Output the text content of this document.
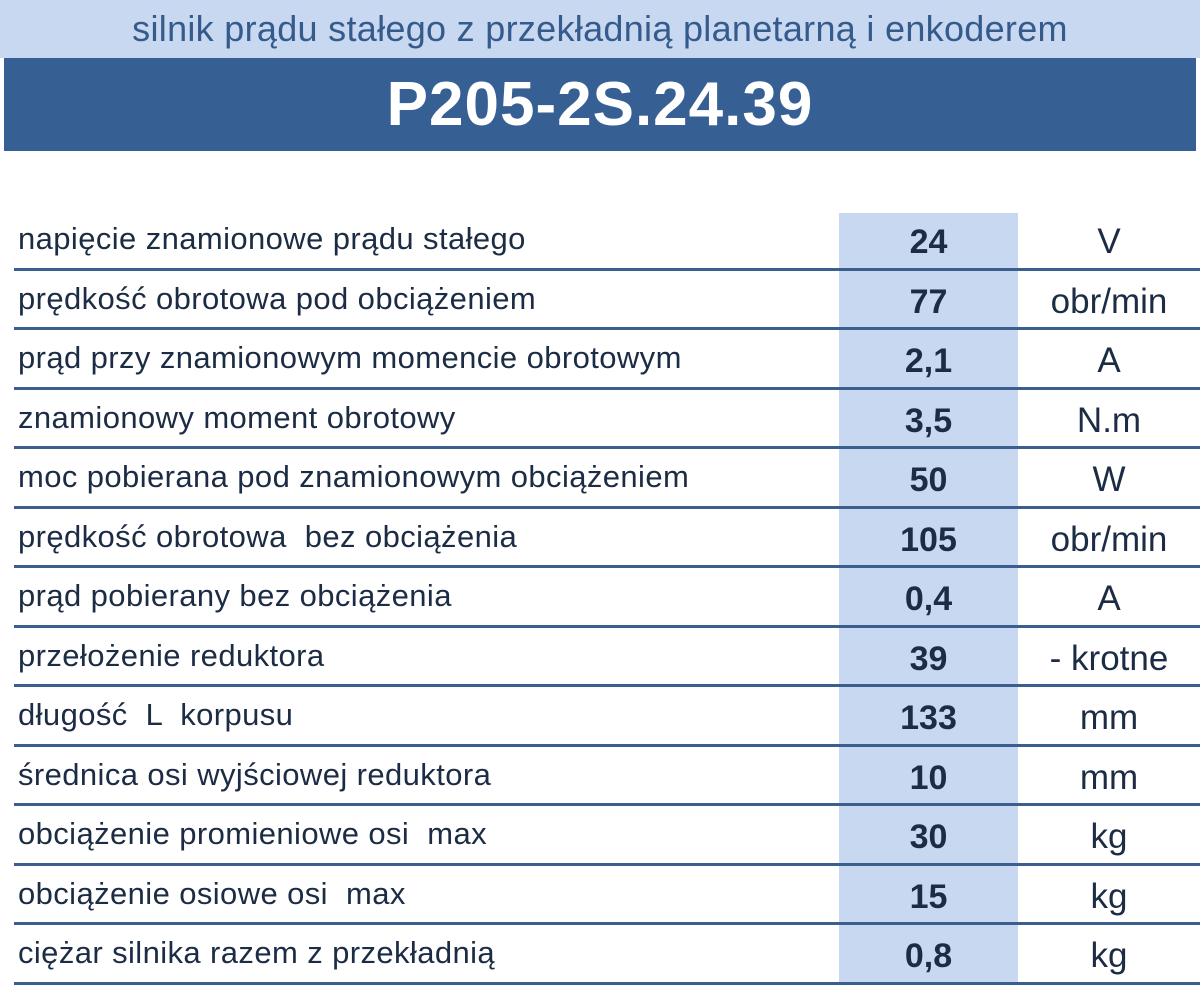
silnik prądu stałego z przekładnią planetarną i enkoderem
P205-2S.24.39
napięcie znamionowe prądu stałego	24	V
prędkość obrotowa pod obciążeniem	77	obr/min
prąd przy znamionowym momencie obrotowym	2,1	A
znamionowy moment obrotowy	3,5	N.m
moc pobierana pod znamionowym obciążeniem	50	W
prędkość obrotowa  bez obciążenia	105	obr/min
prąd pobierany bez obciążenia	0,4	A
przełożenie reduktora	39	- krotne
długość  L  korpusu	133	mm
średnica osi wyjściowej reduktora	10	mm
obciążenie promieniowe osi  max	30	kg
obciążenie osiowe osi  max	15	kg
ciężar silnika razem z przekładnią	0,8	kg
